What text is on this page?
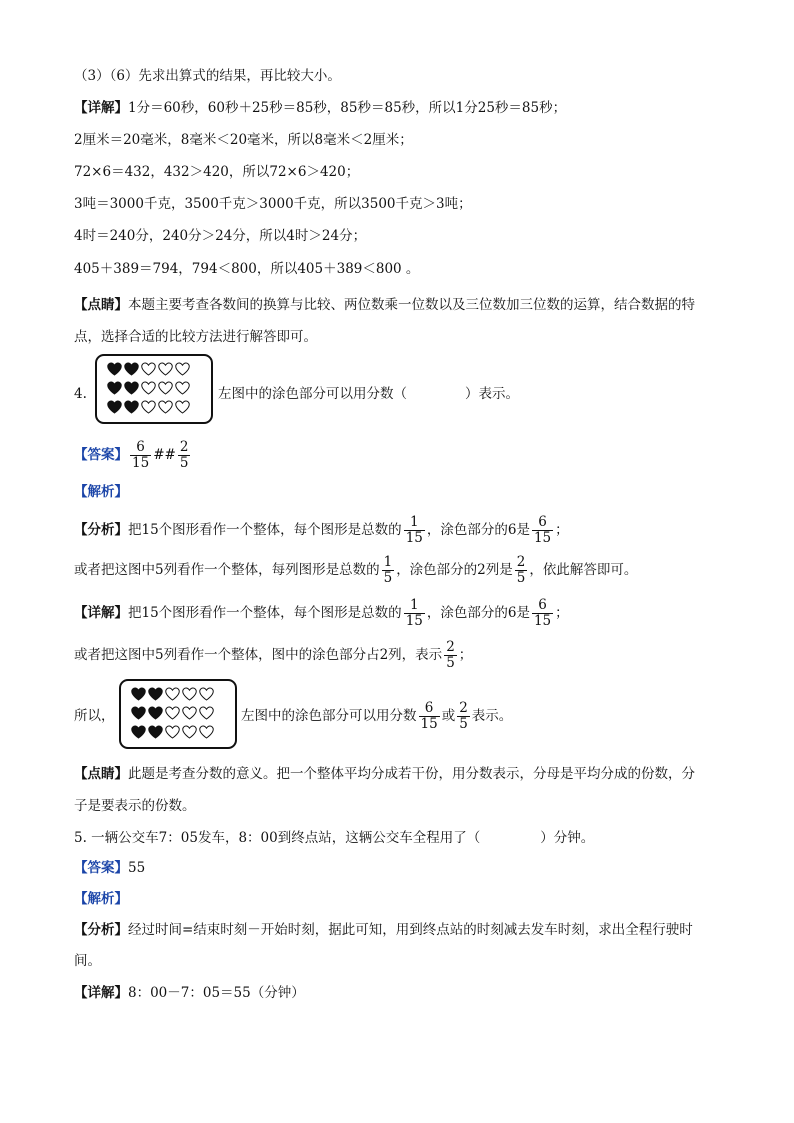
（3）（6）先求出算式的结果，再比较大小。
【详解】1分＝60秒，60秒＋25秒＝85秒，85秒＝85秒，所以1分25秒＝85秒；
2厘米＝20毫米，8毫米＜20毫米，所以8毫米＜2厘米；
72×6＝432，432＞420，所以72×6＞420；
3吨＝3000千克，3500千克＞3000千克，所以3500千克＞3吨；
4时＝240分，240分＞24分，所以4时＞24分；
405＋389＝794，794＜800，所以405＋389＜800 。
【点睛】本题主要考查各数间的换算与比较、两位数乘一位数以及三位数加三位数的运算，结合数据的特
点，选择合适的比较方法进行解答即可。
4.	左图中的涂色部分可以用分数（	）表示。
【答案】 $\frac{6}{15}$ ## $\frac{2}{5}$
【解析】
【分析】把15个图形看作一个整体，每个图形是总数的 $\frac{1}{15}$ ，涂色部分的6是 $\frac{6}{15}$ ；
或者把这图中5列看作一个整体，每列图形是总数的 $\frac{1}{5}$ ，涂色部分的2列是 $\frac{2}{5}$ ，依此解答即可。
【详解】把15个图形看作一个整体，每个图形是总数的 $\frac{1}{15}$ ，涂色部分的6是 $\frac{6}{15}$ ；
或者把这图中5列看作一个整体，图中的涂色部分占2列，表示 $\frac{2}{5}$ ；
所以，	左图中的涂色部分可以用分数 $\frac{6}{15}$ 或 $\frac{2}{5}$ 表示。
【点睛】此题是考查分数的意义。把一个整体平均分成若干份，用分数表示，分母是平均分成的份数，分
子是要表示的份数。
5. 一辆公交车7：05发车，8：00到终点站，这辆公交车全程用了（	）分钟。
【答案】55
【解析】
【分析】经过时间=结束时刻－开始时刻，据此可知，用到终点站的时刻减去发车时刻，求出全程行驶时
间。
【详解】8：00－7：05＝55（分钟）
